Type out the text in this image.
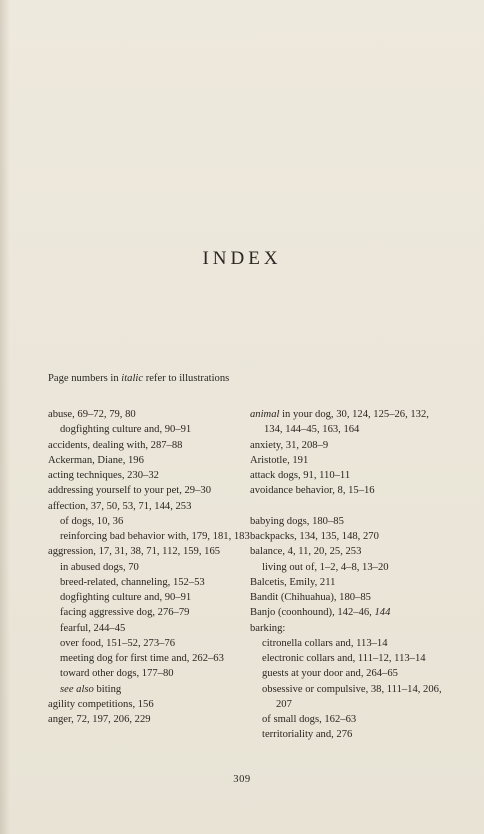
INDEX
Page numbers in italic refer to illustrations

abuse, 69–72, 79, 80

dogfighting culture and, 90–91

accidents, dealing with, 287–88

Ackerman, Diane, 196

acting techniques, 230–32

addressing yourself to your pet, 29–30

affection, 37, 50, 53, 71, 144, 253

of dogs, 10, 36

reinforcing bad behavior with, 179, 181, 183

aggression, 17, 31, 38, 71, 112, 159, 165

in abused dogs, 70

breed-related, channeling, 152–53

dogfighting culture and, 90–91

facing aggressive dog, 276–79

fearful, 244–45

over food, 151–52, 273–76

meeting dog for first time and, 262–63

toward other dogs, 177–80

see also biting

agility competitions, 156

anger, 72, 197, 206, 229

animal in your dog, 30, 124, 125–26, 132, 134, 144–45, 163, 164

anxiety, 31, 208–9

Aristotle, 191

attack dogs, 91, 110–11

avoidance behavior, 8, 15–16

babying dogs, 180–85

backpacks, 134, 135, 148, 270

balance, 4, 11, 20, 25, 253

living out of, 1–2, 4–8, 13–20

Balcetis, Emily, 211

Bandit (Chihuahua), 180–85

Banjo (coonhound), 142–46, 144

barking:

citronella collars and, 113–14

electronic collars and, 111–12, 113–14

guests at your door and, 264–65

obsessive or compulsive, 38, 111–14, 206, 207

of small dogs, 162–63

territoriality and, 276

309
